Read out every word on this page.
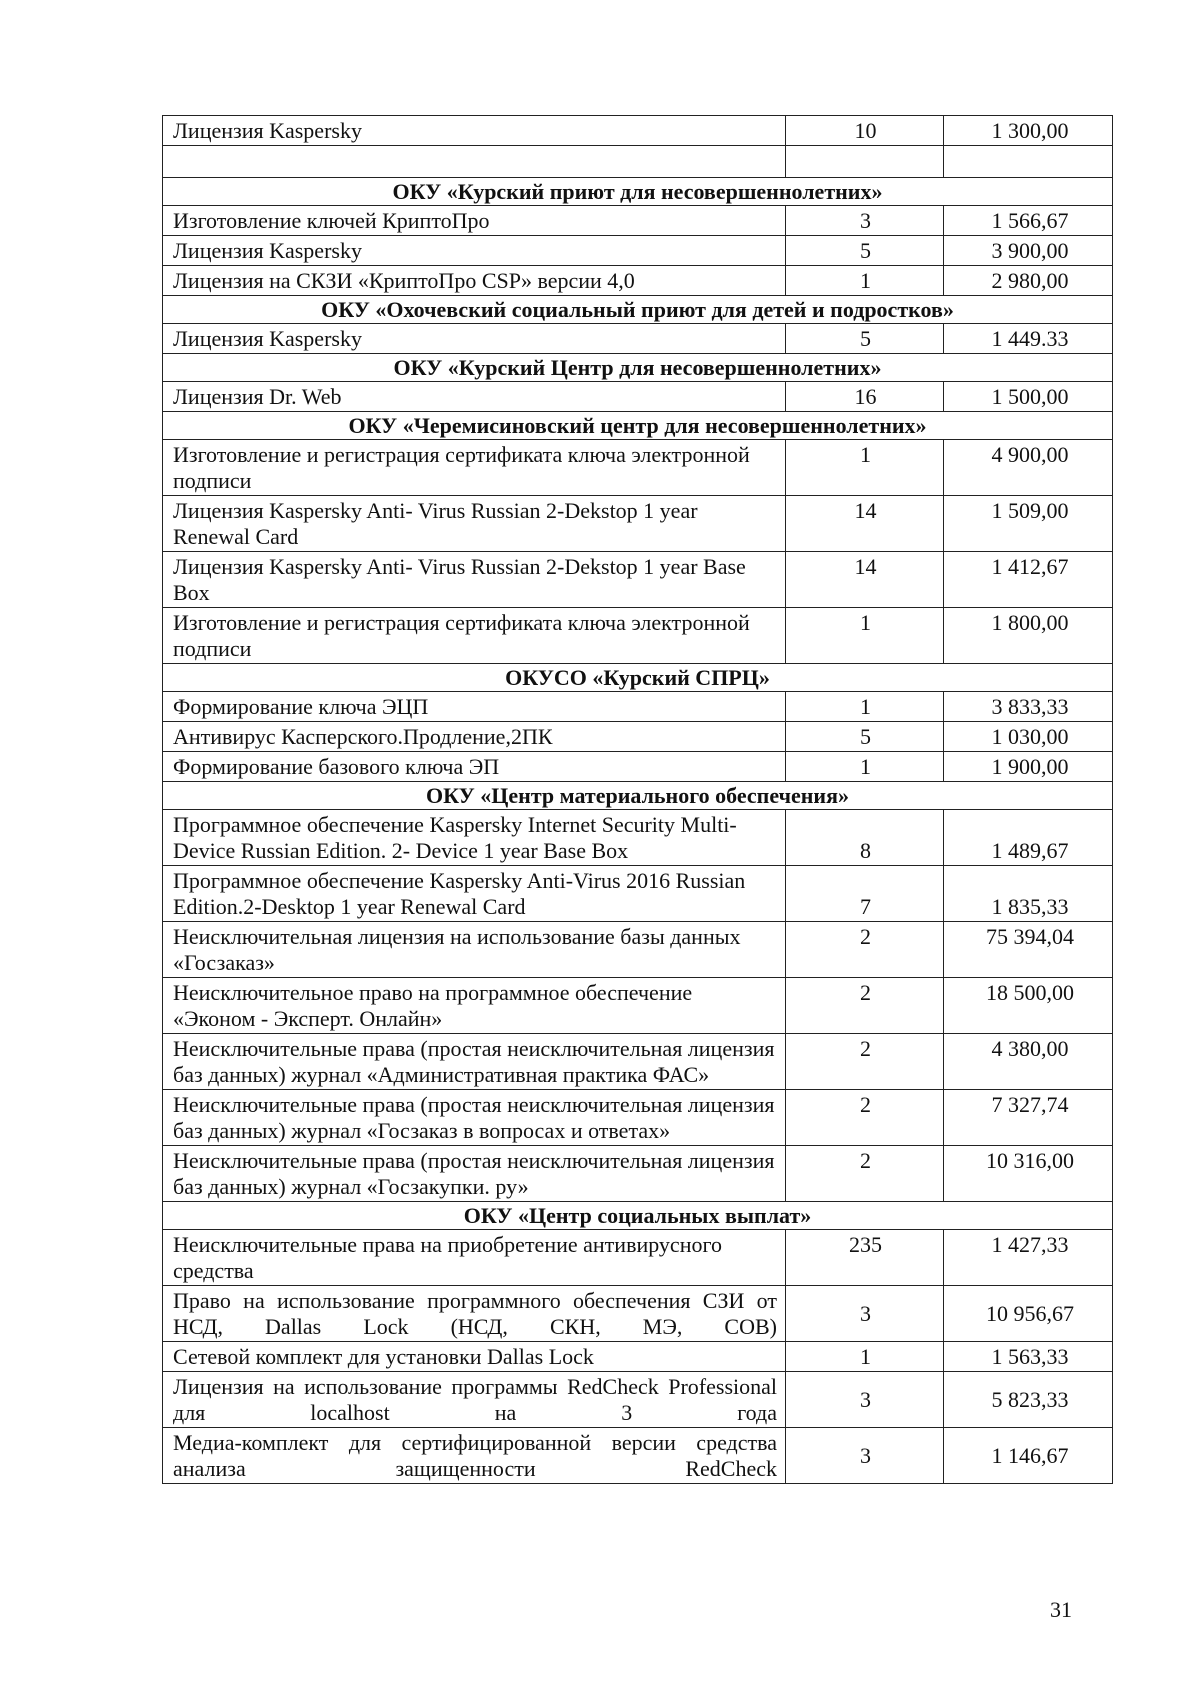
Лицензия Kaspersky	10	1 300,00

ОКУ «Курский приют для несовершеннолетних»		
Изготовление ключей КриптоПро	3	1 566,67
Лицензия Kaspersky	5	3 900,00
Лицензия на СКЗИ «КриптоПро CSP» версии 4,0	1	2 980,00
ОКУ «Охочевский социальный приют для детей и подростков»		
Лицензия Kaspersky	5	1 449.33
ОКУ «Курский Центр для несовершеннолетних»		
Лицензия Dr. Web	16	1 500,00
ОКУ «Черемисиновский центр для несовершеннолетних»		
Изготовление и регистрация сертификата ключа электронной подписи	1	4 900,00
Лицензия Kaspersky Anti- Virus Russian 2-Dekstop 1 year Renewal Card	14	1 509,00
Лицензия Kaspersky Anti- Virus Russian 2-Dekstop 1 year Base Box	14	1 412,67
Изготовление и регистрация сертификата ключа электронной подписи	1	1 800,00
ОКУСО «Курский СПРЦ»		
Формирование ключа ЭЦП	1	3 833,33
Антивирус Касперского.Продление,2ПК	5	1 030,00
Формирование базового ключа ЭП	1	1 900,00
ОКУ «Центр материального обеспечения»		
Программное обеспечение Kaspersky Internet Security Multi- Device Russian Edition. 2- Device 1 year Base Box	8	1 489,67
Программное обеспечение Kaspersky Anti-Virus 2016 Russian Edition.2-Desktop 1 year Renewal Card	7	1 835,33
Неисключительная лицензия на использование базы данных «Госзаказ»	2	75 394,04
Неисключительное право на программное обеспечение «Эконом - Эксперт. Онлайн»	2	18 500,00
Неисключительные права (простая неисключительная лицензия баз данных) журнал «Административная практика ФАС»	2	4 380,00
Неисключительные права (простая неисключительная лицензия баз данных) журнал «Госзаказ в вопросах и ответах»	2	7 327,74
Неисключительные права (простая неисключительная лицензия баз данных) журнал «Госзакупки. ру»	2	10 316,00
ОКУ «Центр социальных выплат»		
Неисключительные права на приобретение антивирусного средства	235	1 427,33
Право на использование программного обеспечения СЗИ от НСД, Dallas Lock (НСД, СКН, МЭ, СОВ)	3	10 956,67
Сетевой комплект для установки Dallas Lock	1	1 563,33
Лицензия на использование программы RedCheck Professional для localhost на 3 года	3	5 823,33
Медиа-комплект для сертифицированной версии средства анализа защищенности RedCheck	3	1 146,67
31
